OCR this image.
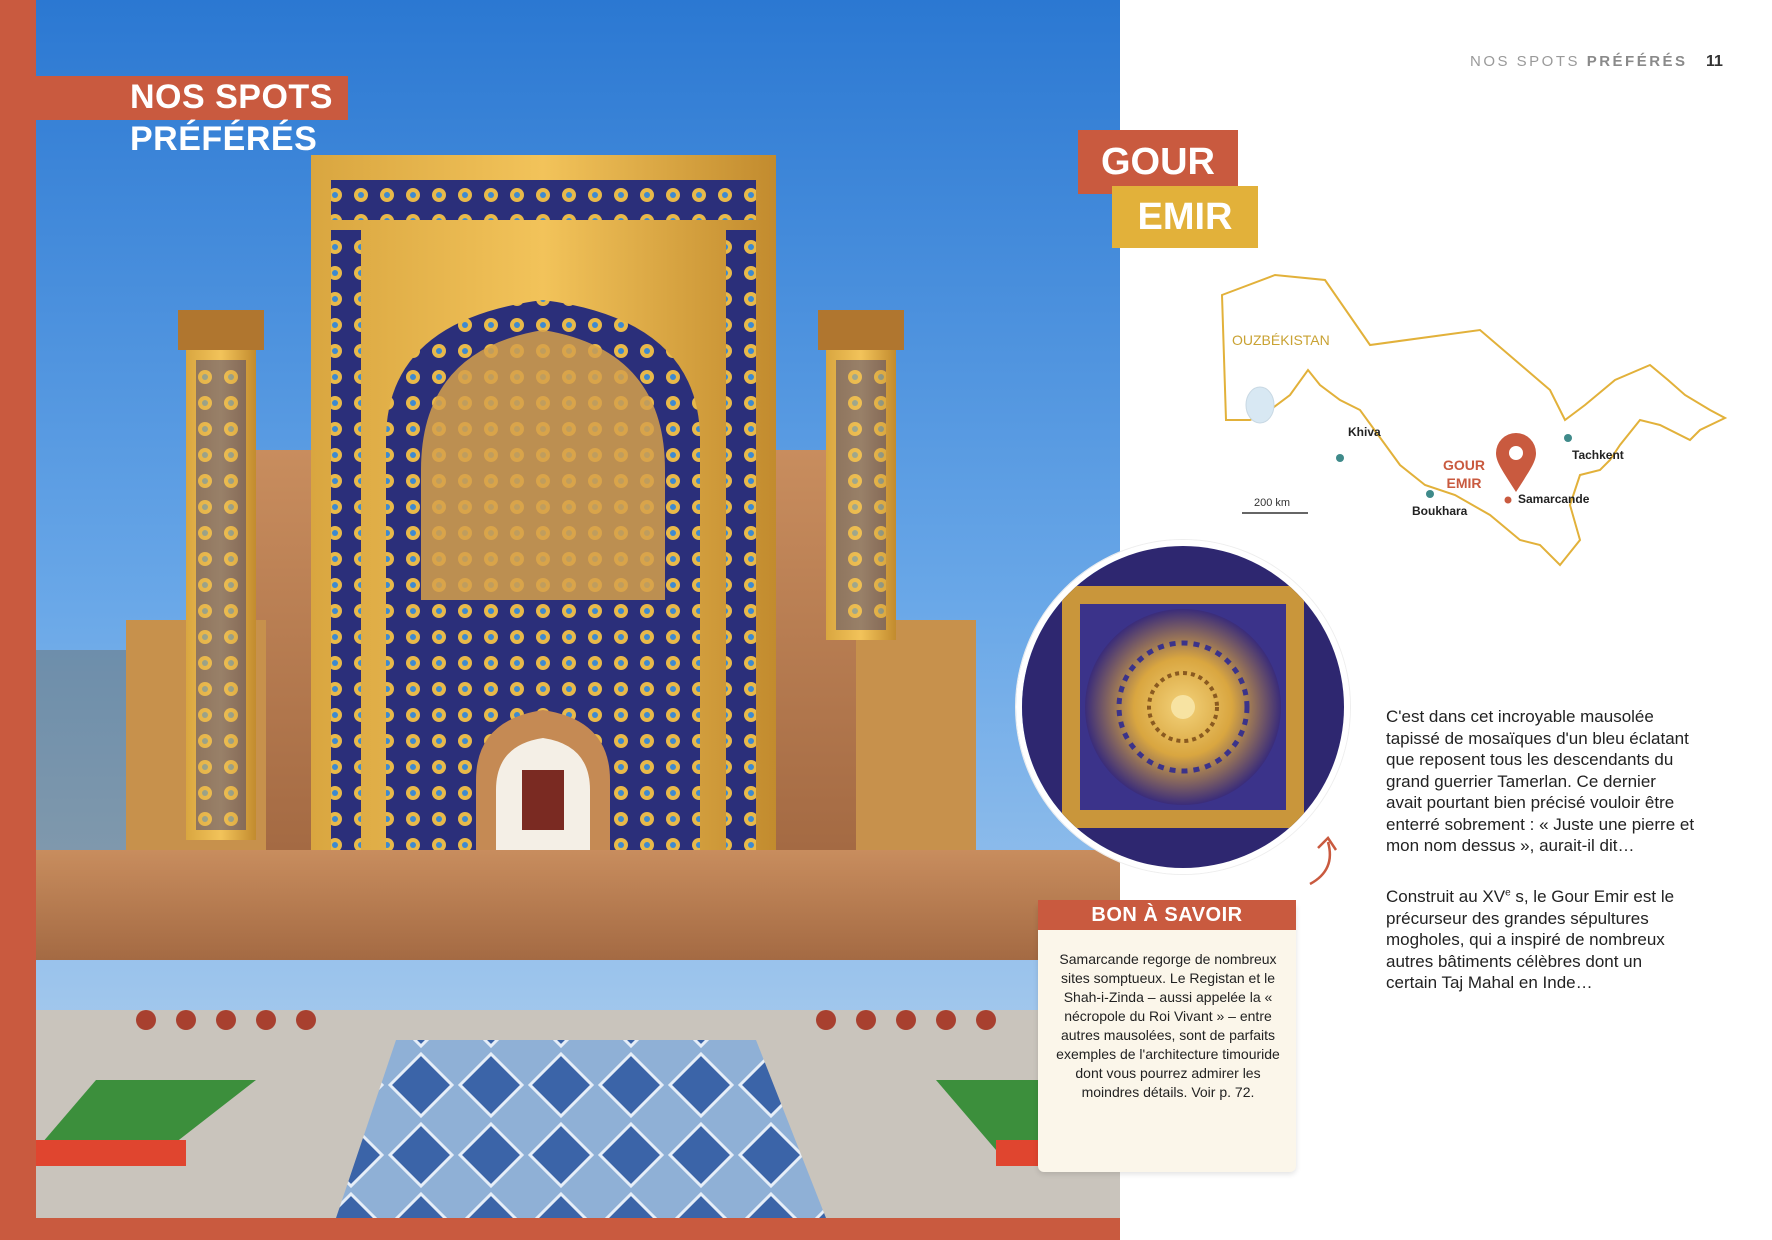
NOS SPOTS
PRÉFÉRÉS
NOS SPOTS PRÉFÉRÉS 11
GOUR
EMIR
OUZBÉKISTAN
Khiva
Boukhara
Samarcande
Tachkent
GOUR
EMIR
200 km
BON À SAVOIR
Samarcande regorge de nombreux sites somptueux. Le Registan et le Shah-i-Zinda – aussi appelée la « nécropole du Roi Vivant » – entre autres mausolées, sont de parfaits exemples de l'architecture timouride dont vous pourrez admirer les moindres détails. Voir p. 72.
C'est dans cet incroyable mausolée tapissé de mosaïques d'un bleu éclatant que reposent tous les descendants du grand guerrier Tamerlan. Ce dernier avait pourtant bien précisé vouloir être enterré sobrement : « Juste une pierre et mon nom dessus », aurait-il dit…
Construit au XVe s, le Gour Emir est le précurseur des grandes sépultures mogholes, qui a inspiré de nombreux autres bâtiments célèbres dont un certain Taj Mahal en Inde…
